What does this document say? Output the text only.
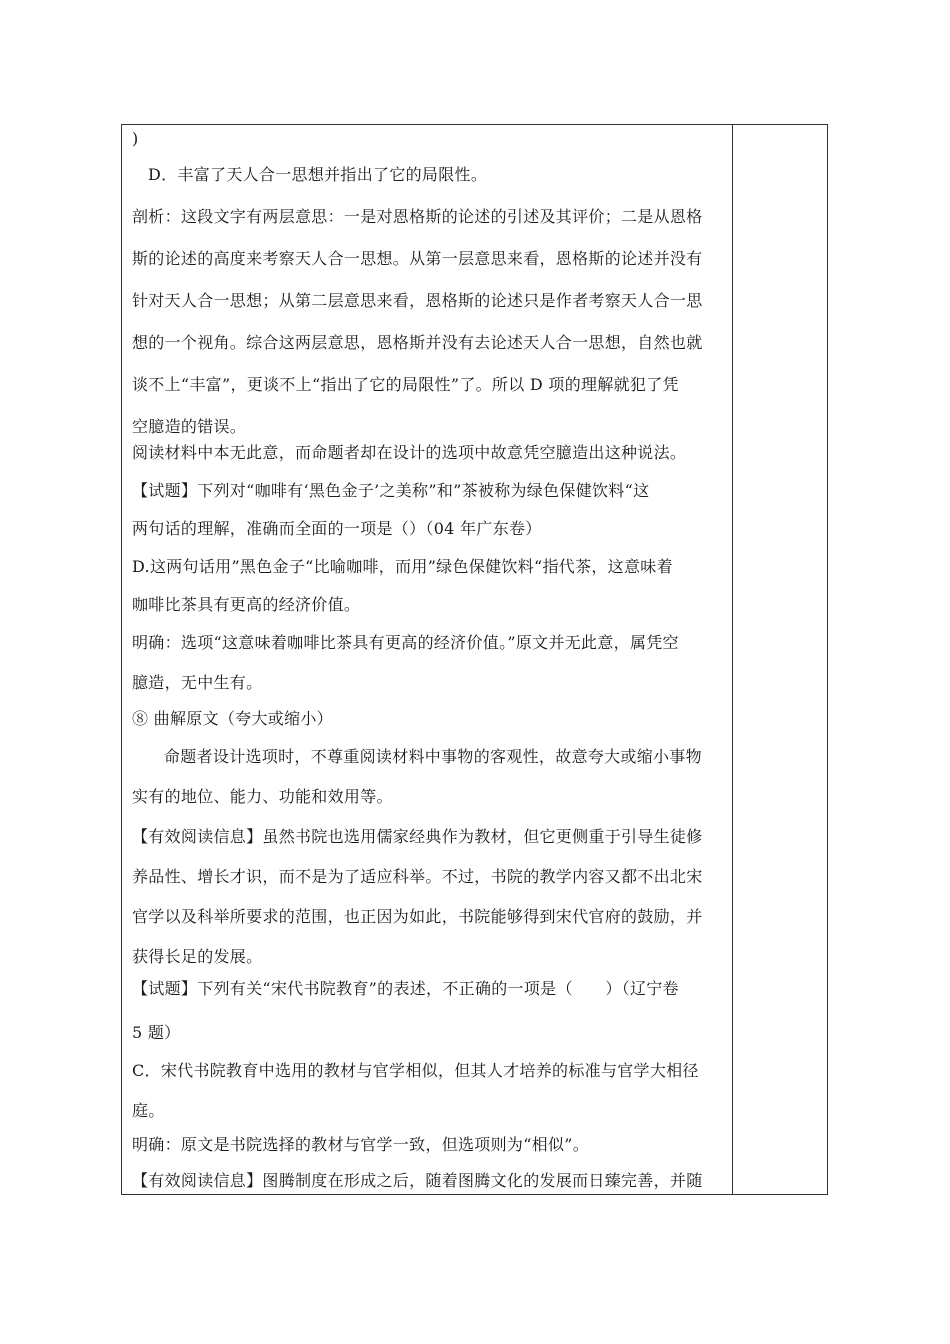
)
D．丰富了天人合一思想并指出了它的局限性。
剖析：这段文字有两层意思：一是对恩格斯的论述的引述及其评价；二是从恩格
斯的论述的高度来考察天人合一思想。从第一层意思来看，恩格斯的论述并没有
针对天人合一思想；从第二层意思来看，恩格斯的论述只是作者考察天人合一思
想的一个视角。综合这两层意思，恩格斯并没有去论述天人合一思想，自然也就
谈不上“丰富”，更谈不上“指出了它的局限性”了。所以 D 项的理解就犯了凭
空臆造的错误。
阅读材料中本无此意，而命题者却在设计的选项中故意凭空臆造出这种说法。
【试题】下列对“咖啡有‘黑色金子’之美称”和”茶被称为绿色保健饮料“这
两句话的理解，准确而全面的一项是（）（04 年广东卷）
D.这两句话用”黑色金子“比喻咖啡，而用”绿色保健饮料“指代茶，这意味着
咖啡比茶具有更高的经济价值。
明确：选项“这意味着咖啡比茶具有更高的经济价值。”原文并无此意，属凭空
臆造，无中生有。
⑧ 曲解原文（夸大或缩小）
命题者设计选项时，不尊重阅读材料中事物的客观性，故意夸大或缩小事物
实有的地位、能力、功能和效用等。
【有效阅读信息】虽然书院也选用儒家经典作为教材，但它更侧重于引导生徒修
养品性、增长才识，而不是为了适应科举。不过，书院的教学内容又都不出北宋
官学以及科举所要求的范围，也正因为如此，书院能够得到宋代官府的鼓励，并
获得长足的发展。
【试题】下列有关“宋代书院教育”的表述，不正确的一项是（　　）（辽宁卷
5 题）
C．宋代书院教育中选用的教材与官学相似，但其人才培养的标准与官学大相径
庭。
明确：原文是书院选择的教材与官学一致，但选项则为“相似”。
【有效阅读信息】图腾制度在形成之后，随着图腾文化的发展而日臻完善，并随
